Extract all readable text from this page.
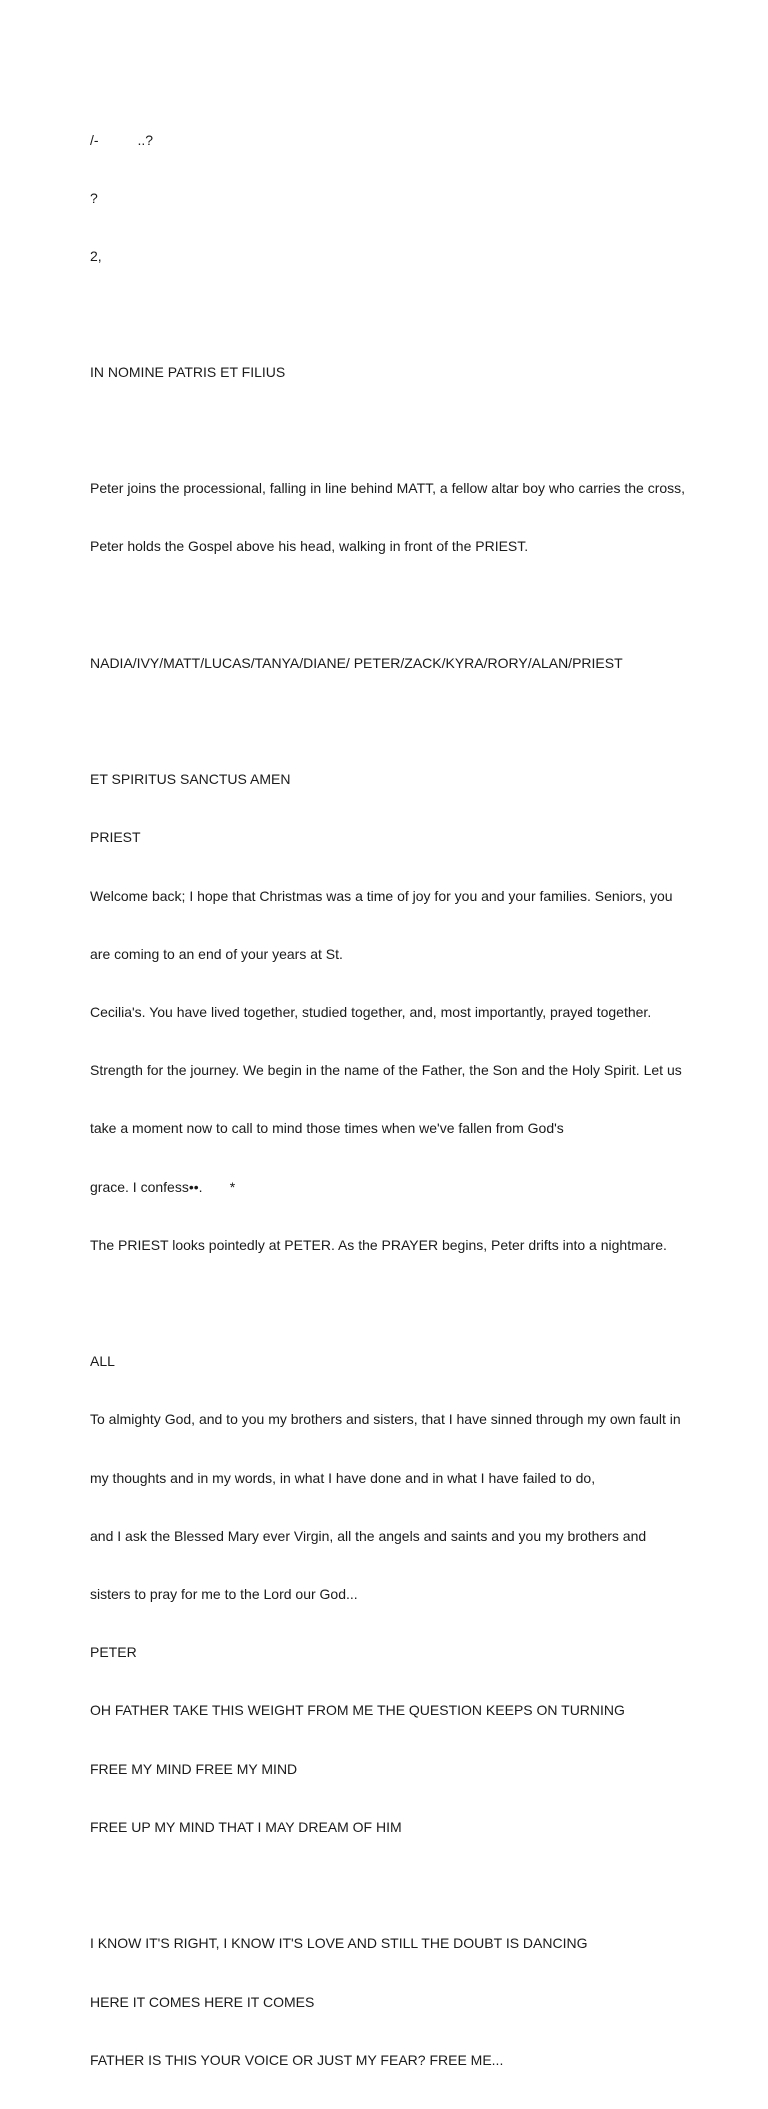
/-          ..?

?

2,

IN NOMINE PATRIS ET FILIUS

Peter joins the processional, falling in line behind MATT, a fellow altar boy who carries the cross,

Peter holds the Gospel above his head, walking in front of the PRIEST.

NADIA/IVY/MATT/LUCAS/TANYA/DIANE/ PETER/ZACK/KYRA/RORY/ALAN/PRIEST

ET SPIRITUS SANCTUS AMEN

PRIEST

Welcome back; I hope that Christmas was a time of joy for you and your families. Seniors, you

are coming to an end of your years at St.

Cecilia's. You have lived together, studied together, and, most importantly, prayed together.

Strength for the journey. We begin in the name of the Father, the Son and the Holy Spirit. Let us

take a moment now to call to mind those times when we've fallen from God's

grace. I confess••.       *

The PRIEST looks pointedly at PETER. As the PRAYER begins, Peter drifts into a nightmare.

ALL

To almighty God, and to you my brothers and sisters, that I have sinned through my own fault in

my thoughts and in my words, in what I have done and in what I have failed to do,

and I ask the Blessed Mary ever Virgin, all the angels and saints and you my brothers and

sisters to pray for me to the Lord our God...

PETER

OH FATHER TAKE THIS WEIGHT FROM ME THE QUESTION KEEPS ON TURNING

FREE MY MIND FREE MY MIND

FREE UP MY MIND THAT I MAY DREAM OF HIM

I KNOW IT'S RIGHT, I KNOW IT'S LOVE AND STILL THE DOUBT IS DANCING

HERE IT COMES HERE IT COMES

FATHER IS THIS YOUR VOICE OR JUST MY FEAR? FREE ME...
